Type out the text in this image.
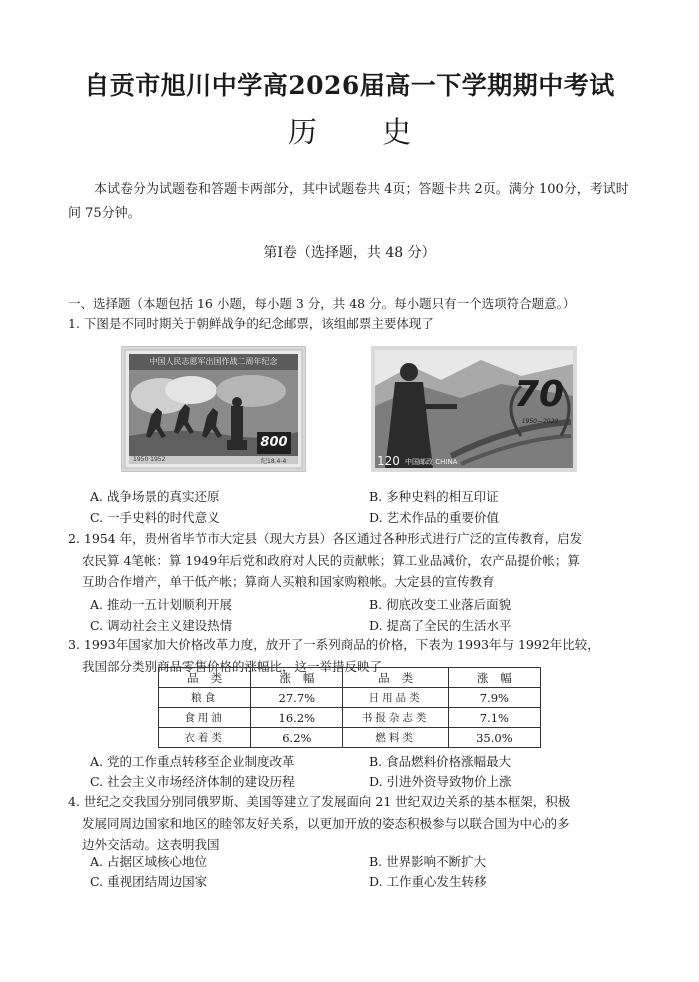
自贡市旭川中学高2026届高一下学期期中考试
历 史
本试卷分为试题卷和答题卡两部分，其中试题卷共 4页；答题卡共 2页。满分 100分，考试时间 75分钟。
第Ⅰ卷（选择题，共 48 分）
一、选择题（本题包括 16 小题，每小题 3 分，共 48 分。每小题只有一个选项符合题意。）
1. 下图是不同时期关于朝鲜战争的纪念邮票，该组邮票主要体现了
中国人民志愿军出国作战二周年纪念
800
1950·1952	纪18.4-4
70
1950—2020
120 中国邮政 CHINA
A. 战争场景的真实还原	B. 多种史料的相互印证
C. 一手史料的时代意义	D. 艺术作品的重要价值
2. 1954 年，贵州省毕节市大定县（现大方县）各区通过各种形式进行广泛的宣传教育，启发
农民算 4笔帐：算 1949年后党和政府对人民的贡献帐；算工业品减价，农产品提价帐；算
互助合作增产，单干低产帐；算商人买粮和国家购粮帐。大定县的宣传教育
A. 推动一五计划顺利开展	B. 彻底改变工业落后面貌
C. 调动社会主义建设热情	D. 提高了全民的生活水平
3. 1993年国家加大价格改革力度，放开了一系列商品的价格，下表为 1993年与 1992年比较，
我国部分类别商品零售价格的涨幅比，这一举措反映了
品类	涨幅	品类	涨幅
粮食	27.7%	日用品类	7.9%
食用油	16.2%	书报杂志类	7.1%
衣着类	6.2%	燃料类	35.0%
A. 党的工作重点转移至企业制度改革	B. 食品燃料价格涨幅最大
C. 社会主义市场经济体制的建设历程	D. 引进外资导致物价上涨
4. 世纪之交我国分别同俄罗斯、美国等建立了发展面向 21 世纪双边关系的基本框架，积极
发展同周边国家和地区的睦邻友好关系，以更加开放的姿态积极参与以联合国为中心的多
边外交活动。这表明我国
A. 占据区域核心地位	B. 世界影响不断扩大
C. 重视团结周边国家	D. 工作重心发生转移
